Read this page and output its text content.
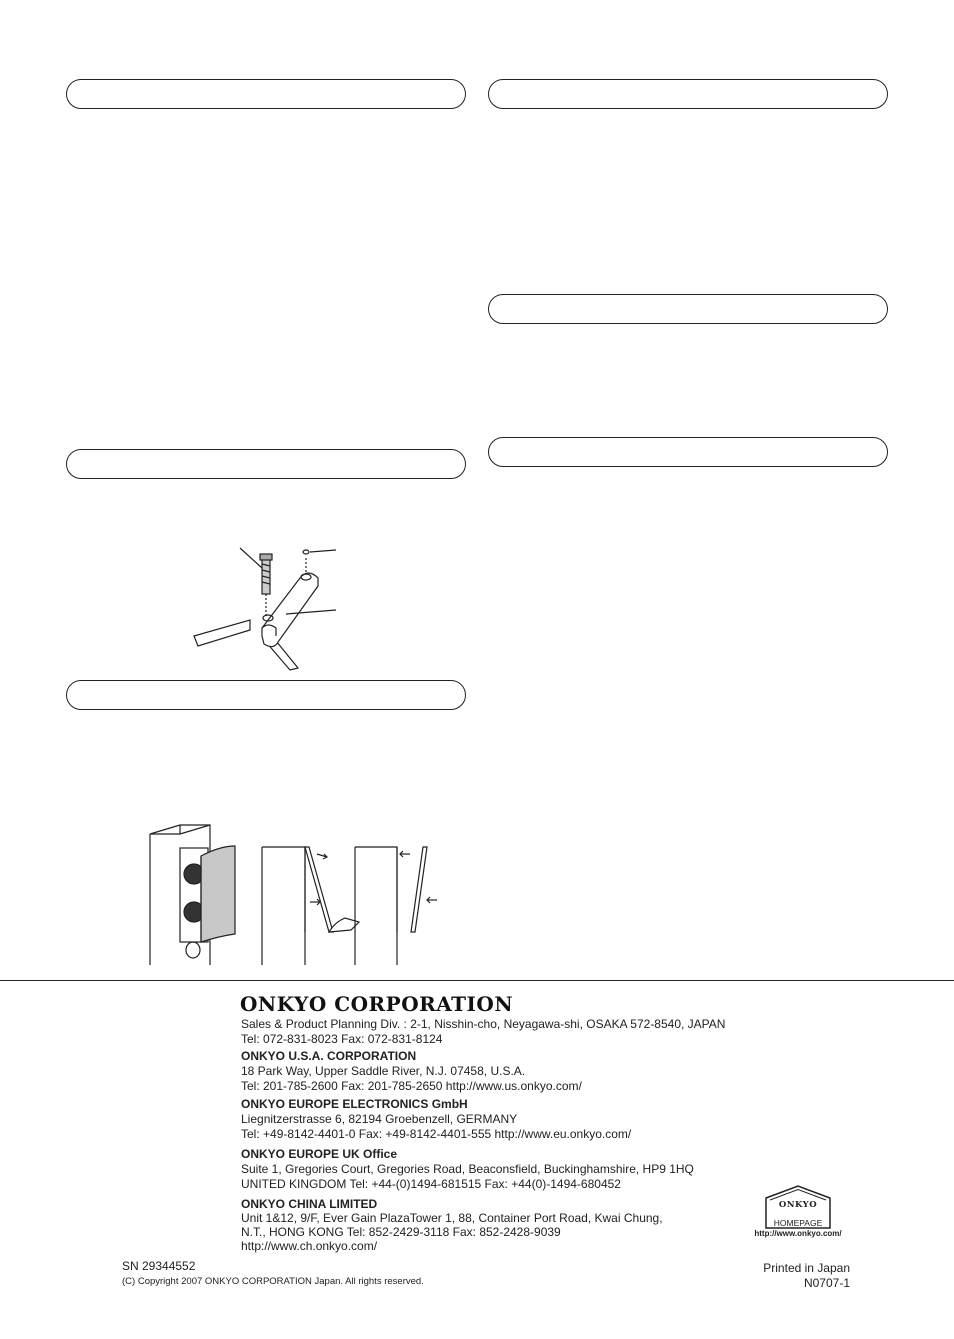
ONKYO CORPORATION
Sales & Product Planning Div. : 2-1, Nisshin-cho, Neyagawa-shi, OSAKA 572-8540, JAPAN
Tel: 072-831-8023 Fax: 072-831-8124
ONKYO U.S.A. CORPORATION
18 Park Way, Upper Saddle River, N.J. 07458, U.S.A.
Tel: 201-785-2600 Fax: 201-785-2650 http://www.us.onkyo.com/
ONKYO EUROPE ELECTRONICS GmbH
Liegnitzerstrasse 6, 82194 Groebenzell, GERMANY
Tel: +49-8142-4401-0 Fax: +49-8142-4401-555 http://www.eu.onkyo.com/
ONKYO EUROPE UK Office
Suite 1, Gregories Court, Gregories Road, Beaconsfield, Buckinghamshire, HP9 1HQ
UNITED KINGDOM Tel: +44-(0)1494-681515 Fax: +44(0)-1494-680452
ONKYO CHINA LIMITED
Unit 1&12, 9/F, Ever Gain PlazaTower 1, 88, Container Port Road, Kwai Chung,
N.T., HONG KONG Tel: 852-2429-3118 Fax: 852-2428-9039
http://www.ch.onkyo.com/
ONKYO
HOMEPAGE
http://www.onkyo.com/
SN 29344552
(C) Copyright 2007 ONKYO CORPORATION Japan. All rights reserved.
Printed in Japan
N0707-1
